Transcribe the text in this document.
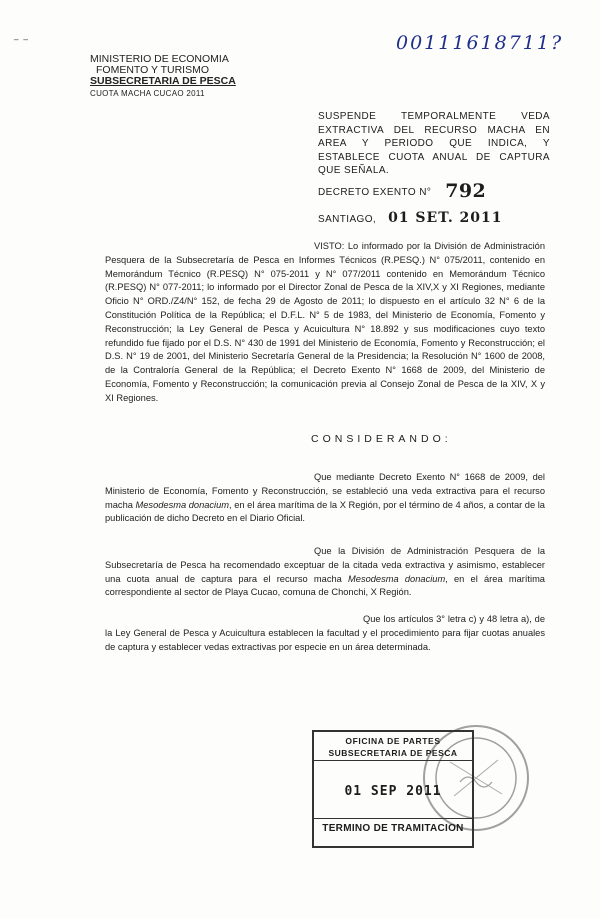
_ _	00111618711?
MINISTERIO DE ECONOMIA
FOMENTO Y TURISMO
SUBSECRETARIA DE PESCA
CUOTA MACHA CUCAO 2011
SUSPENDE TEMPORALMENTE VEDA EXTRACTIVA DEL RECURSO MACHA EN AREA Y PERIODO QUE INDICA, Y ESTABLECE CUOTA ANUAL DE CAPTURA QUE SEÑALA.
DECRETO EXENTO N° 792
SANTIAGO, 01 SET. 2011
VISTO: Lo informado por la División de Administración Pesquera de la Subsecretaría de Pesca en Informes Técnicos (R.PESQ.) N° 075/2011, contenido en Memorándum Técnico (R.PESQ) N° 075-2011 y N° 077/2011 contenido en Memorándum Técnico (R.PESQ) N° 077-2011; lo informado por el Director Zonal de Pesca de la XIV,X y XI Regiones, mediante Oficio N° ORD./Z4/N° 152, de fecha 29 de Agosto de 2011; lo dispuesto en el artículo 32 N° 6 de la Constitución Política de la República; el D.F.L. N° 5 de 1983, del Ministerio de Economía, Fomento y Reconstrucción; la Ley General de Pesca y Acuicultura N° 18.892 y sus modificaciones cuyo texto refundido fue fijado por el D.S. N° 430 de 1991 del Ministerio de Economía, Fomento y Reconstrucción; el D.S. N° 19 de 2001, del Ministerio Secretaría General de la Presidencia; la Resolución N° 1600 de 2008, de la Contraloría General de la República; el Decreto Exento N° 1668 de 2009, del Ministerio de Economía, Fomento y Reconstrucción; la comunicación previa al Consejo Zonal de Pesca de la XIV, X y XI Regiones.
CONSIDERANDO:
Que mediante Decreto Exento N° 1668 de 2009, del Ministerio de Economía, Fomento y Reconstrucción, se estableció una veda extractiva para el recurso macha Mesodesma donacium, en el área marítima de la X Región, por el término de 4 años, a contar de la publicación de dicho Decreto en el Diario Oficial.
Que la División de Administración Pesquera de la Subsecretaría de Pesca ha recomendado exceptuar de la citada veda extractiva y asimismo, establecer una cuota anual de captura para el recurso macha Mesodesma donacium, en el área marítima correspondiente al sector de Playa Cucao, comuna de Chonchi, X Región.
Que los artículos 3° letra c) y 48 letra a), de la Ley General de Pesca y Acuicultura establecen la facultad y el procedimiento para fijar cuotas anuales de captura y establecer vedas extractivas por especie en un área determinada.
OFICINA DE PARTES
SUBSECRETARIA DE PESCA
01 SEP 2011
TERMINO DE TRAMITACION
